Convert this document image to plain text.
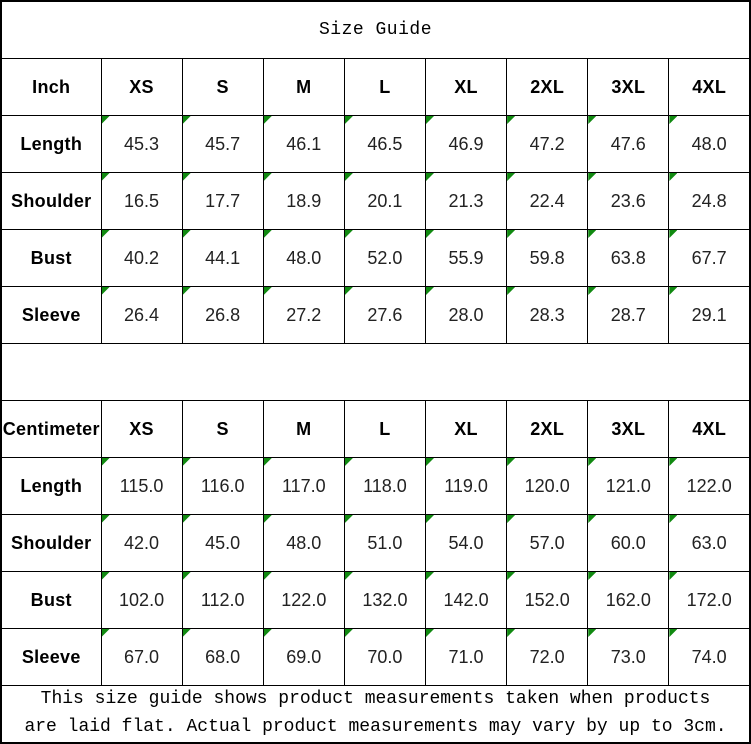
Size Guide								
Inch	XS	S	M	L	XL	2XL	3XL	4XL
Length	45.3	45.7	46.1	46.5	46.9	47.2	47.6	48.0
Shoulder	16.5	17.7	18.9	20.1	21.3	22.4	23.6	24.8
Bust	40.2	44.1	48.0	52.0	55.9	59.8	63.8	67.7
Sleeve	26.4	26.8	27.2	27.6	28.0	28.3	28.7	29.1

Centimeter	XS	S	M	L	XL	2XL	3XL	4XL
Length	115.0	116.0	117.0	118.0	119.0	120.0	121.0	122.0
Shoulder	42.0	45.0	48.0	51.0	54.0	57.0	60.0	63.0
Bust	102.0	112.0	122.0	132.0	142.0	152.0	162.0	172.0
Sleeve	67.0	68.0	69.0	70.0	71.0	72.0	73.0	74.0

This size guide shows product measurements taken when products
are laid flat. Actual product measurements may vary by up to 3cm.								
